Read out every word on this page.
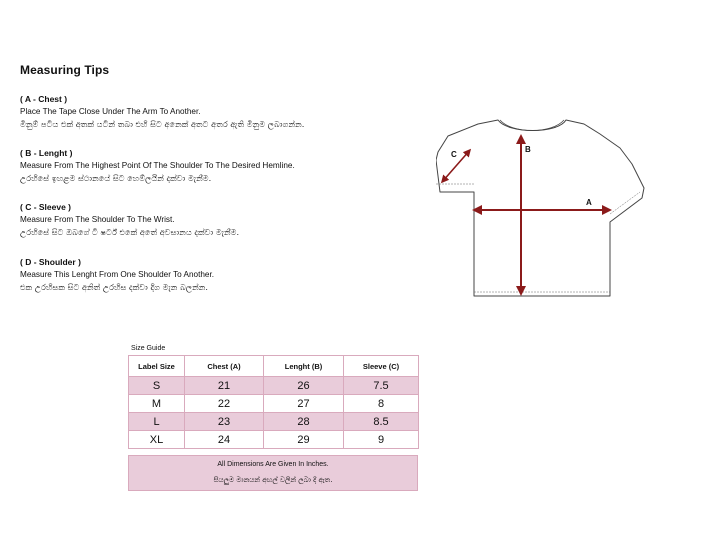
Measuring Tips
( A - Chest )
Place The Tape Close Under The Arm To Another.
මිනුම් පටිය එක් අතක් යටින් තබා එහි සිට අනෙක් අතට අතර ඇති මිනුම ලබාගන්න.
( B - Lenght )
Measure From The Highest Point Of The Shoulder To The Desired Hemline.
උරහිසේ ඉහළම ස්ථානයේ සිට හෙම්ලයින් දක්වා මැනීම.
( C - Sleeve )
Measure From The Shoulder To The Wrist.
උරහිසේ සිට ඔබගේ ටී ෂර්ට් එකේ අතේ අවසානය දක්වා මැනීම.
( D - Shoulder )
Measure This Lenght From One Shoulder To Another.
එක උරහිසක සිට අනිත් උරහිස දක්වා දිග මැන බලන්න.
A
B
C
Size Guide
Label Size	Chest (A)	Lenght (B)	Sleeve (C)
S	21	26	7.5
M	22	27	8
L	23	28	8.5
XL	24	29	9
All Dimensions Are Given In Inches.
සියලුම මානයන් අඟල් වලින් ලබා දී ඇත.
